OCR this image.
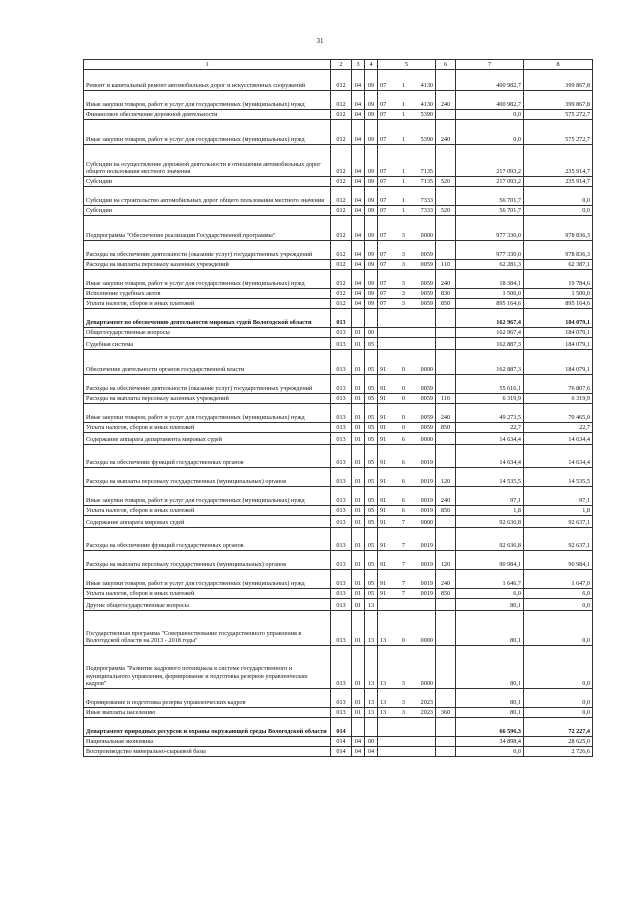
31
1	2	3	4	5	6	7	8
Ремонт и капитальный ремонт автомобильных дорог и искусственных сооружений	012	04	09	07 1 4130		400 982,7	399 867,8
Иные закупки товаров, работ и услуг для государственных (муниципальных) нужд	012	04	09	07 1 4130	240	400 982,7	399 867,8
Финансовое обеспечение дорожной деятельности	012	04	09	07 1 5390		0,0	575 272,7
Иные закупки товаров, работ и услуг для государственных (муниципальных) нужд	012	04	09	07 1 5390	240	0,0	575 272,7
Субсидии на осуществление дорожной деятельности в отношении автомобильных дорог общего пользования местного значения	012	04	09	07 1 7135		217 093,2	235 914,7
Субсидии	012	04	09	07 1 7135	520	217 093,2	235 914,7
Субсидии на строительство автомобильных дорог общего пользования местного значения	012	04	09	07 1 7333		56 701,7	0,0
Субсидии	012	04	09	07 1 7333	520	56 701,7	0,0
Подпрограмма "Обеспечение реализации Государственной программы"	012	04	09	07 3 0000		977 330,0	978 836,3
Расходы на обеспечение деятельности (оказание услуг) государственных учреждений	012	04	09	07 3 0059		977 330,0	978 836,3
Расходы на выплаты персоналу казенных учреждений	012	04	09	07 3 0059	110	62 281,3	62 387,1
Иные закупки товаров, работ и услуг для государственных (муниципальных) нужд	012	04	09	07 3 0059	240	18 384,1	19 784,6
Исполнение судебных актов	012	04	09	07 3 0059	830	1 500,0	1 500,0
Уплата налогов, сборов и иных платежей	012	04	09	07 3 0059	850	895 164,6	895 164,6
Департамент по обеспечению деятельности мировых судей Вологодской области	013					162 967,4	184 079,1
Общегосударственные вопросы	013	01	00			162 967,4	184 079,1
Судебная система	013	01	05			162 887,3	184 079,1
Обеспечение деятельности органов государственной власти	013	01	05	91 0 0000		162 887,3	184 079,1
Расходы на обеспечение деятельности (оказание услуг) государственных учреждений	013	01	05	91 0 0059		55 616,1	76 807,6
Расходы на выплаты персоналу казенных учреждений	013	01	05	91 0 0059	110	6 319,9	6 319,9
Иные закупки товаров, работ и услуг для государственных (муниципальных) нужд	013	01	05	91 0 0059	240	49 273,5	70 465,0
Уплата налогов, сборов и иных платежей	013	01	05	91 0 0059	850	22,7	22,7
Содержание аппарата департамента мировых судей	013	01	05	91 6 0000		14 634,4	14 634,4
Расходы на обеспечение функций государственных органов	013	01	05	91 6 0019		14 634,4	14 634,4
Расходы на выплаты персоналу государственных (муниципальных) органов	013	01	05	91 6 0019	120	14 535,5	14 535,5
Иные закупки товаров, работ и услуг для государственных (муниципальных) нужд	013	01	05	91 6 0019	240	97,1	97,1
Уплата налогов, сборов и иных платежей	013	01	05	91 6 0019	850	1,8	1,8
Содержание аппарата мировых судей	013	01	05	91 7 0000		92 636,8	92 637,1
Расходы на обеспечение функций государственных органов	013	01	05	91 7 0019		92 636,8	92 637,1
Расходы на выплаты персоналу государственных (муниципальных) органов	013	01	05	91 7 0019	120	90 984,1	90 984,1
Иные закупки товаров, работ и услуг для государственных (муниципальных) нужд	013	01	05	91 7 0019	240	1 646,7	1 647,0
Уплата налогов, сборов и иных платежей	013	01	05	91 7 0019	850	6,0	6,0
Другие общегосударственные вопросы	013	01	13			80,1	0,0
Государственная программа "Совершенствование государственного управления в Вологодской области на 2013 - 2018 годы"	013	01	13	13 0 0000		80,1	0,0
Подпрограмма "Развитие кадрового потенциала в системе государственного и муниципального управления, формирование и подготовка резервов управленческих кадров"	013	01	13	13 3 0000		80,1	0,0
Формирование и подготовка резерва управленческих кадров	013	01	13	13 3 2023		80,1	0,0
Иные выплаты населению	013	01	13	13 3 2023	360	80,1	0,0
Департамент природных ресурсов и охраны окружающей среды Вологодской области	014					66 596,3	72 227,4
Национальная экономика	014	04	00			34 898,4	28 625,0
Воспроизводство минерально-сырьевой базы	014	04	04			0,0	2 726,6
